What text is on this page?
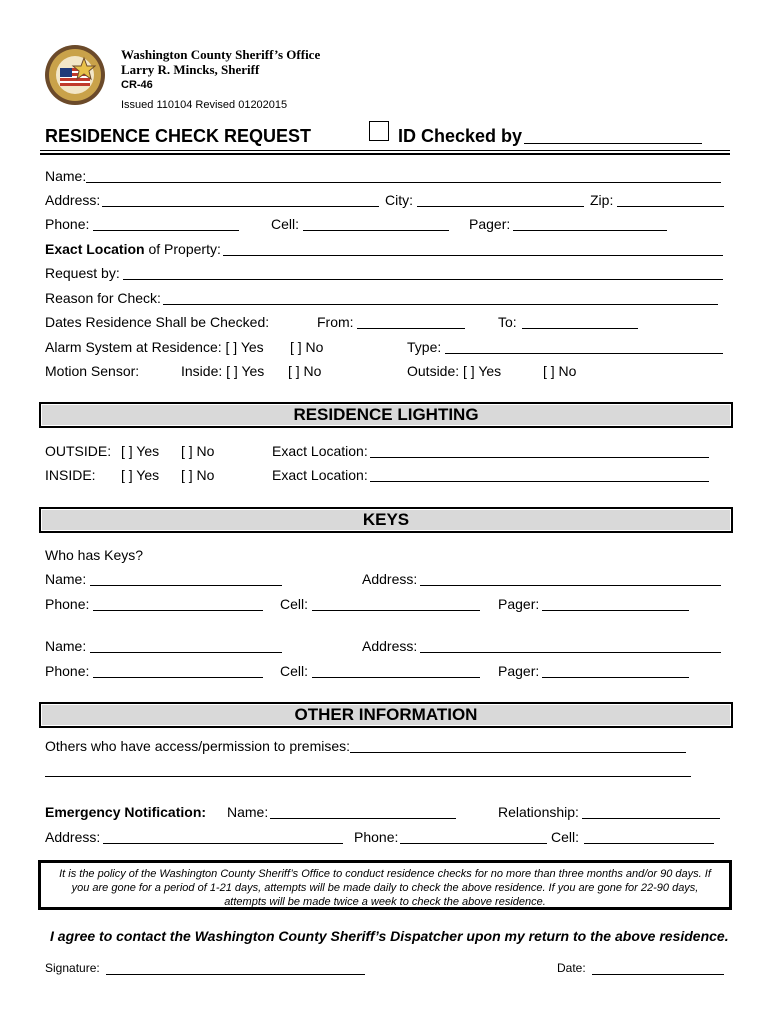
Washington County Sheriff’s Office
Larry R. Mincks, Sheriff
CR-46
Issued 110104 Revised 01202015
RESIDENCE CHECK REQUEST	ID Checked by
Name:
Address:	City:	Zip:
Phone:	Cell:	Pager:
Exact Location of Property:
Request by:
Reason for Check:
Dates Residence Shall be Checked:	From:	To:
Alarm System at Residence: [ ] Yes [ ] No	Type:
Motion Sensor:	Inside: [ ] Yes [ ] No	Outside: [ ] Yes	[ ] No
RESIDENCE LIGHTING
OUTSIDE: [ ] Yes [ ] No	Exact Location:
INSIDE: [ ] Yes [ ] No	Exact Location:
KEYS
Who has Keys?
Name:	Address:
Phone:	Cell:	Pager:
Name:	Address:
Phone:	Cell:	Pager:
OTHER INFORMATION
Others who have access/permission to premises:
Emergency Notification: Name:	Relationship:
Address:	Phone:	Cell:
It is the policy of the Washington County Sheriff’s Office to conduct residence checks for no more than three months and/or 90 days. If
you are gone for a period of 1-21 days, attempts will be made daily to check the above residence. If you are gone for 22-90 days,
attempts will be made twice a week to check the above residence.
I agree to contact the Washington County Sheriff’s Dispatcher upon my return to the above residence.
Signature:	Date:
